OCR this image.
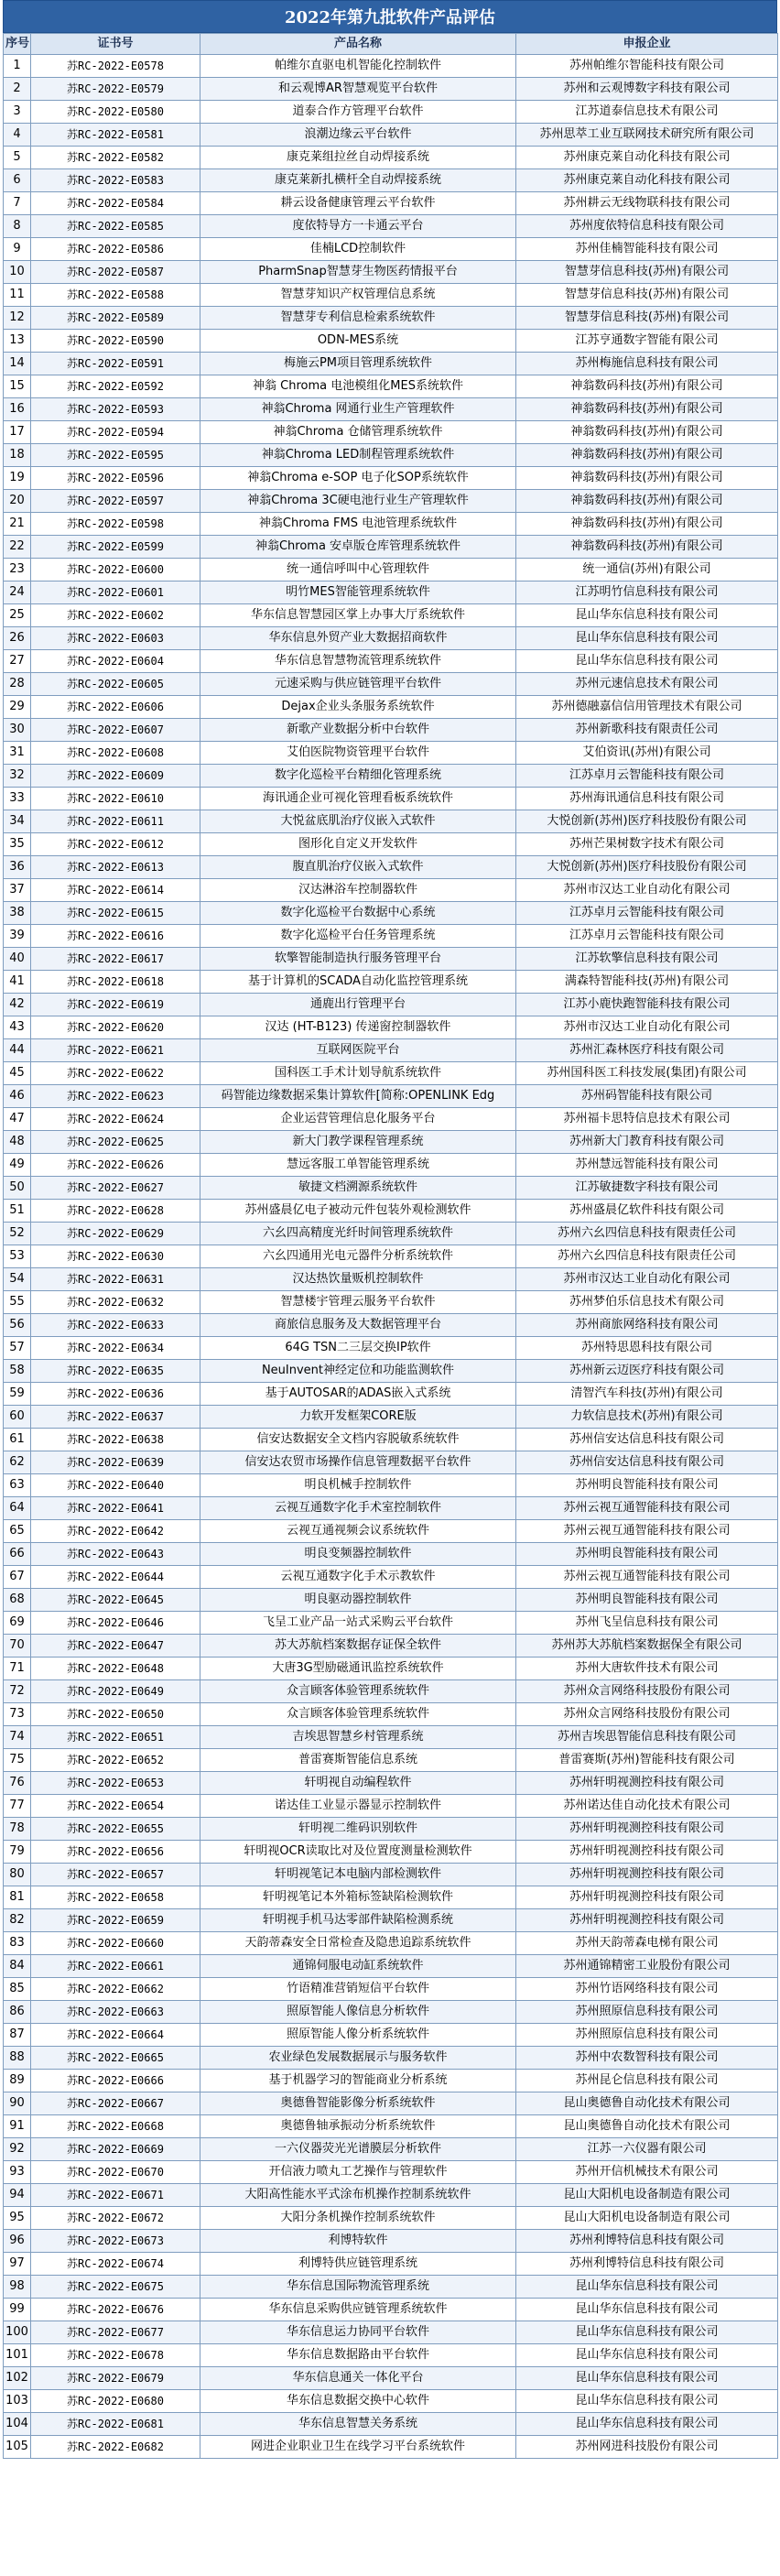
2022年第九批软件产品评估
序号	证书号	产品名称	申报企业
1	苏RC-2022-E0578	帕维尔直驱电机智能化控制软件	苏州帕维尔智能科技有限公司
2	苏RC-2022-E0579	和云观博AR智慧观览平台软件	苏州和云观博数字科技有限公司
3	苏RC-2022-E0580	道泰合作方管理平台软件	江苏道泰信息技术有限公司
4	苏RC-2022-E0581	浪潮边缘云平台软件	苏州思萃工业互联网技术研究所有限公司
5	苏RC-2022-E0582	康克莱组拉丝自动焊接系统	苏州康克莱自动化科技有限公司
6	苏RC-2022-E0583	康克莱新扎横杆全自动焊接系统	苏州康克莱自动化科技有限公司
7	苏RC-2022-E0584	耕云设备健康管理云平台软件	苏州耕云无线物联科技有限公司
8	苏RC-2022-E0585	度依特导方一卡通云平台	苏州度依特信息科技有限公司
9	苏RC-2022-E0586	佳楠LCD控制软件	苏州佳楠智能科技有限公司
10	苏RC-2022-E0587	PharmSnap智慧芽生物医药情报平台	智慧芽信息科技(苏州)有限公司
11	苏RC-2022-E0588	智慧芽知识产权管理信息系统	智慧芽信息科技(苏州)有限公司
12	苏RC-2022-E0589	智慧芽专利信息检索系统软件	智慧芽信息科技(苏州)有限公司
13	苏RC-2022-E0590	ODN-MES系统	江苏亨通数字智能有限公司
14	苏RC-2022-E0591	梅施云PM项目管理系统软件	苏州梅施信息科技有限公司
15	苏RC-2022-E0592	神翁 Chroma 电池模组化MES系统软件	神翁数码科技(苏州)有限公司
16	苏RC-2022-E0593	神翁Chroma 网通行业生产管理软件	神翁数码科技(苏州)有限公司
17	苏RC-2022-E0594	神翁Chroma 仓储管理系统软件	神翁数码科技(苏州)有限公司
18	苏RC-2022-E0595	神翁Chroma LED制程管理系统软件	神翁数码科技(苏州)有限公司
19	苏RC-2022-E0596	神翁Chroma e-SOP 电子化SOP系统软件	神翁数码科技(苏州)有限公司
20	苏RC-2022-E0597	神翁Chroma 3C硬电池行业生产管理软件	神翁数码科技(苏州)有限公司
21	苏RC-2022-E0598	神翁Chroma FMS 电池管理系统软件	神翁数码科技(苏州)有限公司
22	苏RC-2022-E0599	神翁Chroma 安卓版仓库管理系统软件	神翁数码科技(苏州)有限公司
23	苏RC-2022-E0600	统一通信呼叫中心管理软件	统一通信(苏州)有限公司
24	苏RC-2022-E0601	明竹MES智能管理系统软件	江苏明竹信息科技有限公司
25	苏RC-2022-E0602	华东信息智慧园区掌上办事大厅系统软件	昆山华东信息科技有限公司
26	苏RC-2022-E0603	华东信息外贸产业大数据招商软件	昆山华东信息科技有限公司
27	苏RC-2022-E0604	华东信息智慧物流管理系统软件	昆山华东信息科技有限公司
28	苏RC-2022-E0605	元速采购与供应链管理平台软件	苏州元速信息技术有限公司
29	苏RC-2022-E0606	Dejax企业头条服务系统软件	苏州德融嘉信信用管理技术有限公司
30	苏RC-2022-E0607	新歌产业数据分析中台软件	苏州新歌科技有限责任公司
31	苏RC-2022-E0608	艾伯医院物资管理平台软件	艾伯资讯(苏州)有限公司
32	苏RC-2022-E0609	数字化巡检平台精细化管理系统	江苏卓月云智能科技有限公司
33	苏RC-2022-E0610	海讯通企业可视化管理看板系统软件	苏州海讯通信息科技有限公司
34	苏RC-2022-E0611	大悦盆底肌治疗仪嵌入式软件	大悦创新(苏州)医疗科技股份有限公司
35	苏RC-2022-E0612	图形化自定义开发软件	苏州芒果树数字技术有限公司
36	苏RC-2022-E0613	腹直肌治疗仪嵌入式软件	大悦创新(苏州)医疗科技股份有限公司
37	苏RC-2022-E0614	汉达淋浴车控制器软件	苏州市汉达工业自动化有限公司
38	苏RC-2022-E0615	数字化巡检平台数据中心系统	江苏卓月云智能科技有限公司
39	苏RC-2022-E0616	数字化巡检平台任务管理系统	江苏卓月云智能科技有限公司
40	苏RC-2022-E0617	软擎智能制造执行服务管理平台	江苏软擎信息科技有限公司
41	苏RC-2022-E0618	基于计算机的SCADA自动化监控管理系统	满森特智能科技(苏州)有限公司
42	苏RC-2022-E0619	通鹿出行管理平台	江苏小鹿快跑智能科技有限公司
43	苏RC-2022-E0620	汉达 (HT-B123) 传递窗控制器软件	苏州市汉达工业自动化有限公司
44	苏RC-2022-E0621	互联网医院平台	苏州汇森林医疗科技有限公司
45	苏RC-2022-E0622	国科医工手术计划导航系统软件	苏州国科医工科技发展(集团)有限公司
46	苏RC-2022-E0623	码智能边缘数据采集计算软件[简称:OPENLINK Edg	苏州码智能科技有限公司
47	苏RC-2022-E0624	企业运营管理信息化服务平台	苏州福卡思特信息技术有限公司
48	苏RC-2022-E0625	新大门教学课程管理系统	苏州新大门教育科技有限公司
49	苏RC-2022-E0626	慧远客服工单智能管理系统	苏州慧远智能科技有限公司
50	苏RC-2022-E0627	敏捷文档溯源系统软件	江苏敏捷数字科技有限公司
51	苏RC-2022-E0628	苏州盛晨亿电子被动元件包装外观检测软件	苏州盛晨亿软件科技有限公司
52	苏RC-2022-E0629	六幺四高精度光纤时间管理系统软件	苏州六幺四信息科技有限责任公司
53	苏RC-2022-E0630	六幺四通用光电元器件分析系统软件	苏州六幺四信息科技有限责任公司
54	苏RC-2022-E0631	汉达热饮量贩机控制软件	苏州市汉达工业自动化有限公司
55	苏RC-2022-E0632	智慧楼宇管理云服务平台软件	苏州梦伯乐信息技术有限公司
56	苏RC-2022-E0633	商旅信息服务及大数据管理平台	苏州商旅网络科技有限公司
57	苏RC-2022-E0634	64G TSN二三层交换IP软件	苏州特思恩科技有限公司
58	苏RC-2022-E0635	NeuInvent神经定位和功能监测软件	苏州新云迈医疗科技有限公司
59	苏RC-2022-E0636	基于AUTOSAR的ADAS嵌入式系统	清智汽车科技(苏州)有限公司
60	苏RC-2022-E0637	力软开发框架CORE版	力软信息技术(苏州)有限公司
61	苏RC-2022-E0638	信安达数据安全文档内容脱敏系统软件	苏州信安达信息科技有限公司
62	苏RC-2022-E0639	信安达农贸市场操作信息管理数据平台软件	苏州信安达信息科技有限公司
63	苏RC-2022-E0640	明良机械手控制软件	苏州明良智能科技有限公司
64	苏RC-2022-E0641	云视互通数字化手术室控制软件	苏州云视互通智能科技有限公司
65	苏RC-2022-E0642	云视互通视频会议系统软件	苏州云视互通智能科技有限公司
66	苏RC-2022-E0643	明良变频器控制软件	苏州明良智能科技有限公司
67	苏RC-2022-E0644	云视互通数字化手术示教软件	苏州云视互通智能科技有限公司
68	苏RC-2022-E0645	明良驱动器控制软件	苏州明良智能科技有限公司
69	苏RC-2022-E0646	飞呈工业产品一站式采购云平台软件	苏州飞呈信息科技有限公司
70	苏RC-2022-E0647	苏大苏航档案数据存证保全软件	苏州苏大苏航档案数据保全有限公司
71	苏RC-2022-E0648	大唐3G型励磁通讯监控系统软件	苏州大唐软件技术有限公司
72	苏RC-2022-E0649	众言顾客体验管理系统软件	苏州众言网络科技股份有限公司
73	苏RC-2022-E0650	众言顾客体验管理系统软件	苏州众言网络科技股份有限公司
74	苏RC-2022-E0651	吉埃思智慧乡村管理系统	苏州吉埃思智能信息科技有限公司
75	苏RC-2022-E0652	普雷赛斯智能信息系统	普雷赛斯(苏州)智能科技有限公司
76	苏RC-2022-E0653	轩明视自动编程软件	苏州轩明视测控科技有限公司
77	苏RC-2022-E0654	诺达佳工业显示器显示控制软件	苏州诺达佳自动化技术有限公司
78	苏RC-2022-E0655	轩明视二维码识别软件	苏州轩明视测控科技有限公司
79	苏RC-2022-E0656	轩明视OCR读取比对及位置度测量检测软件	苏州轩明视测控科技有限公司
80	苏RC-2022-E0657	轩明视笔记本电脑内部检测软件	苏州轩明视测控科技有限公司
81	苏RC-2022-E0658	轩明视笔记本外箱标签缺陷检测软件	苏州轩明视测控科技有限公司
82	苏RC-2022-E0659	轩明视手机马达零部件缺陷检测系统	苏州轩明视测控科技有限公司
83	苏RC-2022-E0660	天韵蒂森安全日常检查及隐患追踪系统软件	苏州天韵蒂森电梯有限公司
84	苏RC-2022-E0661	通锦伺服电动缸系统软件	苏州通锦精密工业股份有限公司
85	苏RC-2022-E0662	竹语精准营销短信平台软件	苏州竹语网络科技有限公司
86	苏RC-2022-E0663	照原智能人像信息分析软件	苏州照原信息科技有限公司
87	苏RC-2022-E0664	照原智能人像分析系统软件	苏州照原信息科技有限公司
88	苏RC-2022-E0665	农业绿色发展数据展示与服务软件	苏州中农数智科技有限公司
89	苏RC-2022-E0666	基于机器学习的智能商业分析系统	苏州昆仑信息科技有限公司
90	苏RC-2022-E0667	奥德鲁智能影像分析系统软件	昆山奥德鲁自动化技术有限公司
91	苏RC-2022-E0668	奥德鲁轴承振动分析系统软件	昆山奥德鲁自动化技术有限公司
92	苏RC-2022-E0669	一六仪器荧光光谱膜层分析软件	江苏一六仪器有限公司
93	苏RC-2022-E0670	开信液力喷丸工艺操作与管理软件	苏州开信机械技术有限公司
94	苏RC-2022-E0671	大阳高性能水平式涂布机操作控制系统软件	昆山大阳机电设备制造有限公司
95	苏RC-2022-E0672	大阳分条机操作控制系统软件	昆山大阳机电设备制造有限公司
96	苏RC-2022-E0673	利博特软件	苏州利博特信息科技有限公司
97	苏RC-2022-E0674	利博特供应链管理系统	苏州利博特信息科技有限公司
98	苏RC-2022-E0675	华东信息国际物流管理系统	昆山华东信息科技有限公司
99	苏RC-2022-E0676	华东信息采购供应链管理系统软件	昆山华东信息科技有限公司
100	苏RC-2022-E0677	华东信息运力协同平台软件	昆山华东信息科技有限公司
101	苏RC-2022-E0678	华东信息数据路由平台软件	昆山华东信息科技有限公司
102	苏RC-2022-E0679	华东信息通关一体化平台	昆山华东信息科技有限公司
103	苏RC-2022-E0680	华东信息数据交换中心软件	昆山华东信息科技有限公司
104	苏RC-2022-E0681	华东信息智慧关务系统	昆山华东信息科技有限公司
105	苏RC-2022-E0682	网进企业职业卫生在线学习平台系统软件	苏州网进科技股份有限公司
